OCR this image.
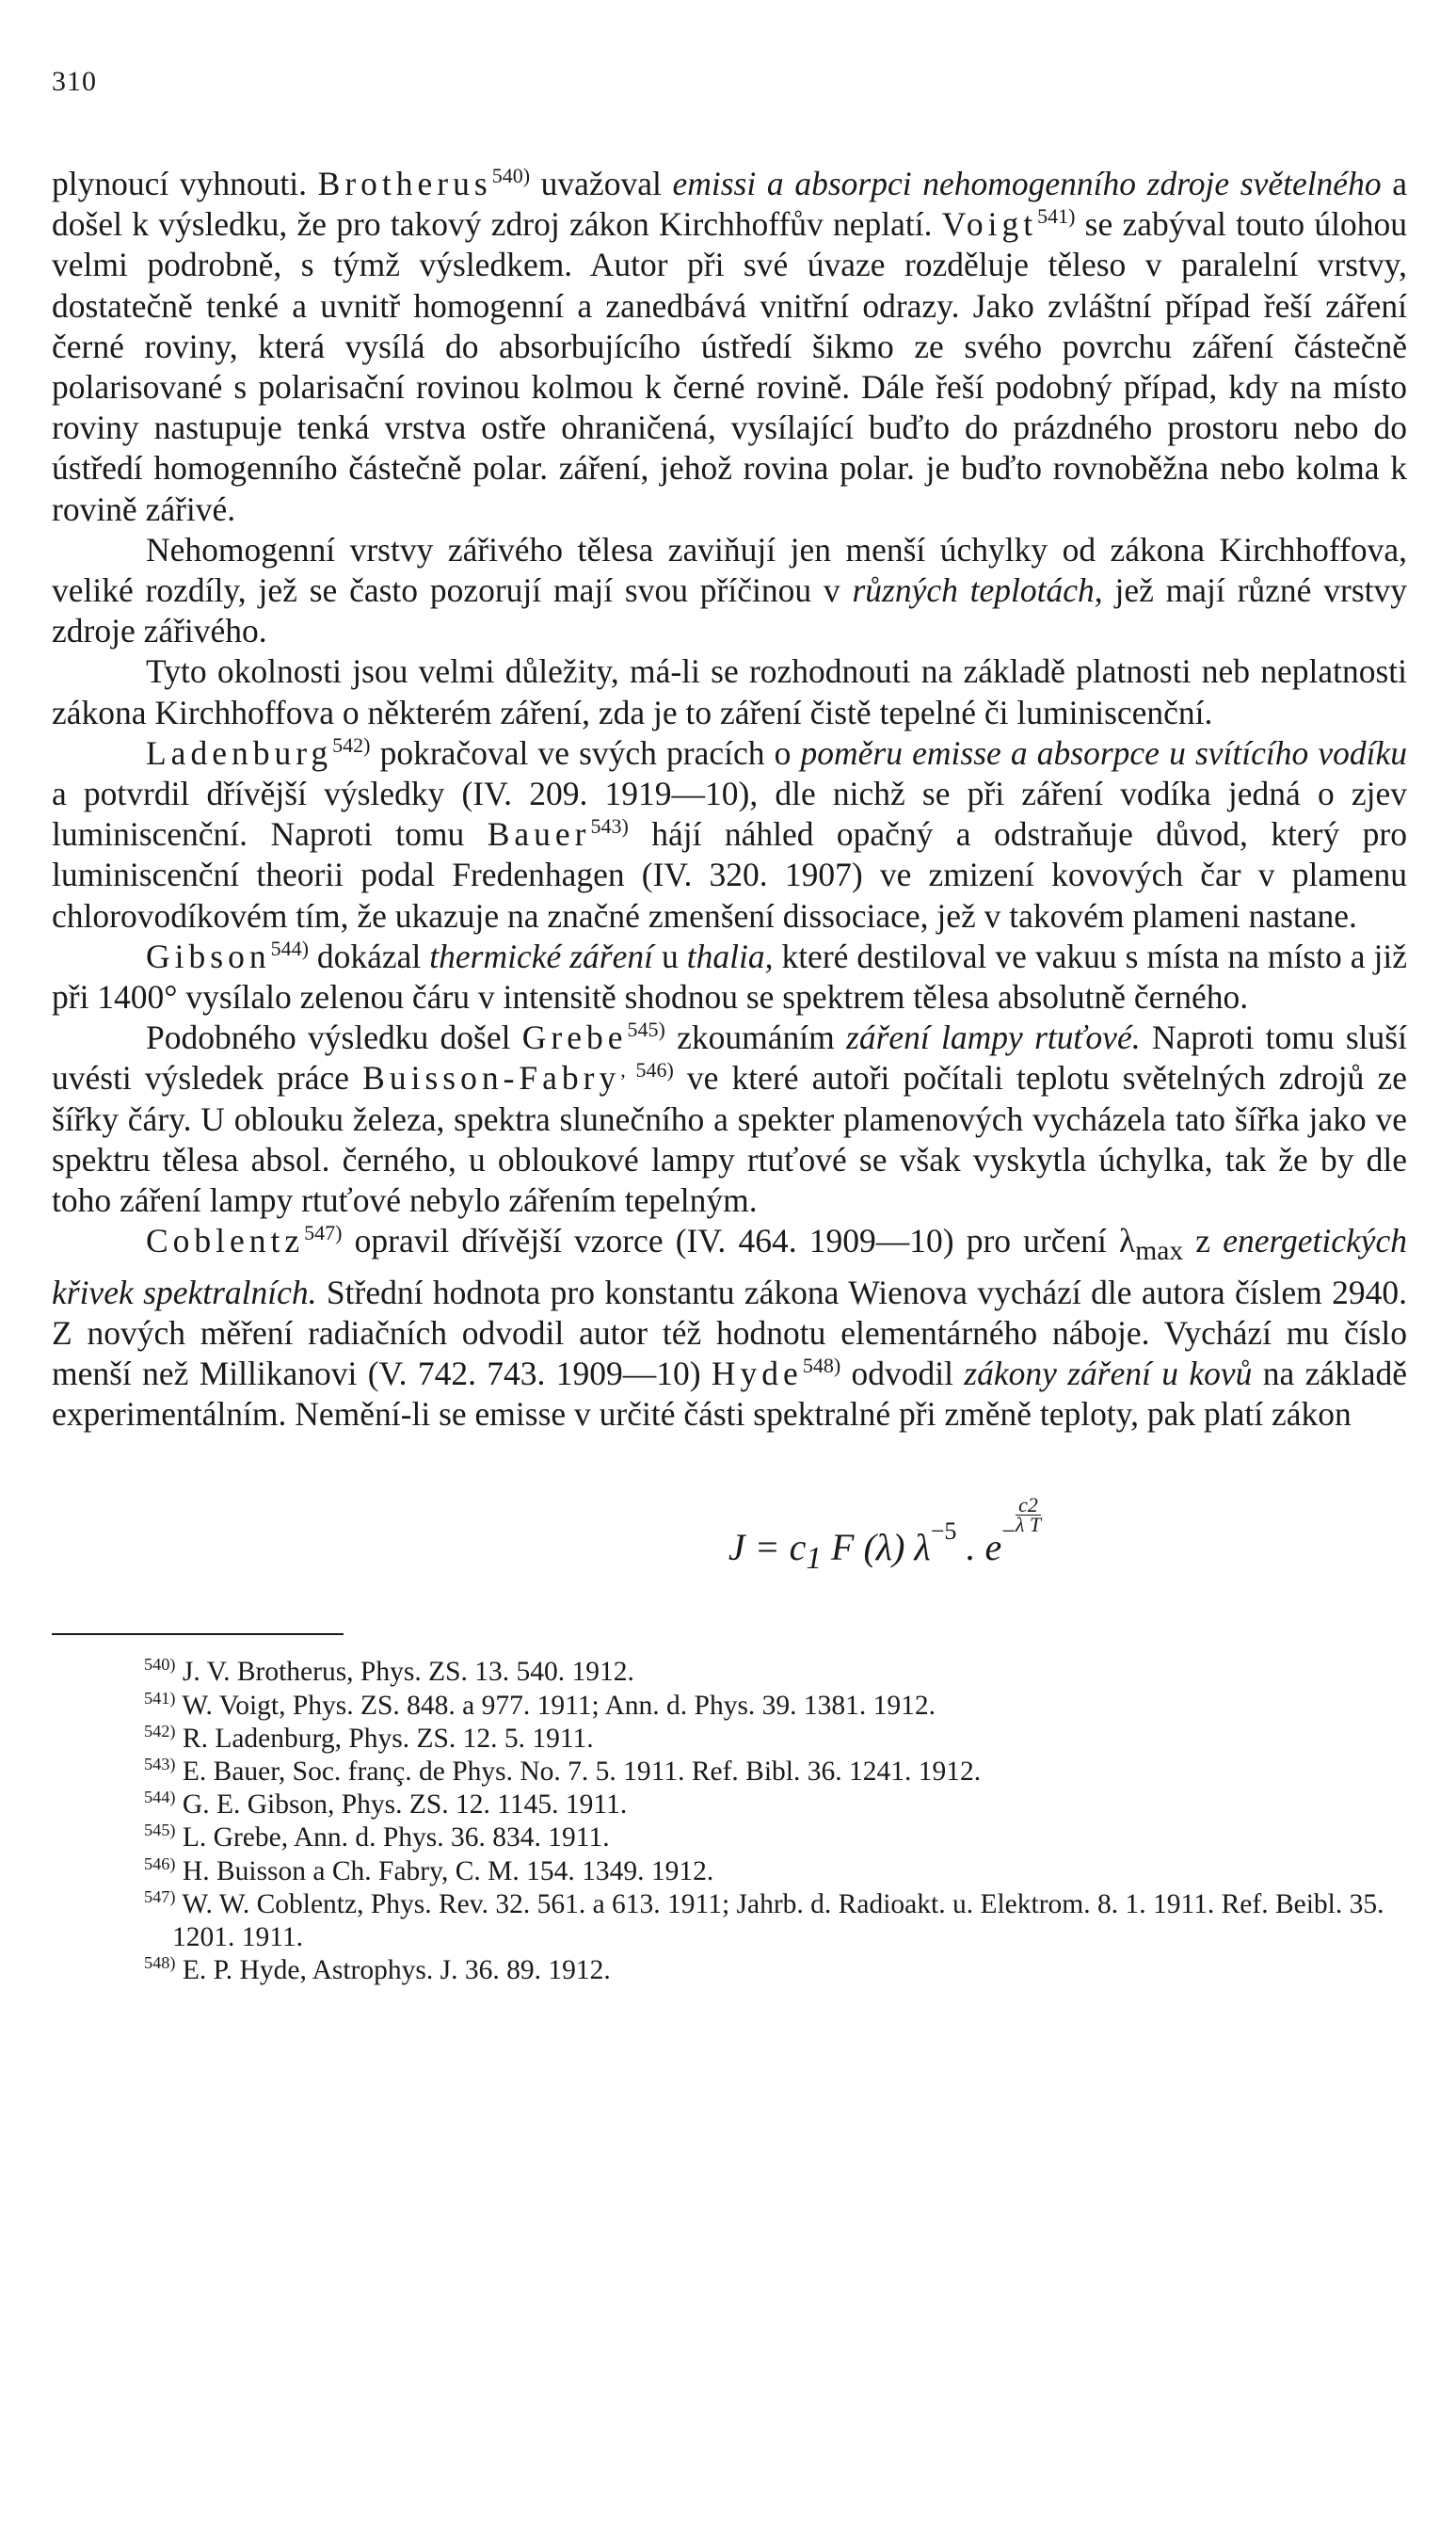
310

plynoucí vyhnouti. Brotherus$^{540)}$ uvažoval emissi a absorpci nehomogenního zdroje světelného a došel k výsledku, že pro takový zdroj zákon Kirchhoffův neplatí. Voigt$^{541)}$ se zabýval touto úlohou velmi podrobně, s týmž výsledkem. Autor při své úvaze rozděluje těleso v paralelní vrstvy, dostatečně tenké a uvnitř homogenní a zanedbává vnitřní odrazy. Jako zvláštní případ řeší záření černé roviny, která vysílá do absorbujícího ústředí šikmo ze svého povrchu záření částečně polarisované s polarisační rovinou kolmou k černé rovině. Dále řeší podobný případ, kdy na místo roviny nastupuje tenká vrstva ostře ohraničená, vysílající buďto do prázdného prostoru nebo do ústředí homogenního částečně polar. záření, jehož rovina polar. je buďto rovnoběžna nebo kolma k rovině zářivé.

Nehomogenní vrstvy zářivého tělesa zaviňují jen menší úchylky od zákona Kirchhoffova, veliké rozdíly, jež se často pozorují mají svou příčinou v různých teplotách, jež mají různé vrstvy zdroje zářivého.

Tyto okolnosti jsou velmi důležity, má-li se rozhodnouti na základě platnosti neb neplatnosti zákona Kirchhoffova o některém záření, zda je to záření čistě tepelné či luminiscenční.

Ladenburg$^{542)}$ pokračoval ve svých pracích o poměru emisse a absorpce u svítícího vodíku a potvrdil dřívější výsledky (IV. 209. 1919—10), dle nichž se při záření vodíka jedná o zjev luminiscenční. Naproti tomu Bauer$^{543)}$ hájí náhled opačný a odstraňuje důvod, který pro luminiscenční theorii podal Fredenhagen (IV. 320. 1907) ve zmizení kovových čar v plamenu chlorovodíkovém tím, že ukazuje na značné zmenšení dissociace, jež v takovém plameni nastane.

Gibson$^{544)}$ dokázal thermické záření u thalia, které destiloval ve vakuu s místa na místo a již při 1400° vysílalo zelenou čáru v intensitě shodnou se spektrem tělesa absolutně černého.

Podobného výsledku došel Grebe$^{545)}$ zkoumáním záření lampy rtuťové. Naproti tomu sluší uvésti výsledek práce Buisson-Fabry$^{, 546)}$ ve které autoři počítali teplotu světelných zdrojů ze šířky čáry. U oblouku železa, spektra slunečního a spekter plamenových vycházela tato šířka jako ve spektru tělesa absol. černého, u obloukové lampy rtuťové se však vyskytla úchylka, tak že by dle toho záření lampy rtuťové nebylo zářením tepelným.

Coblentz$^{547)}$ opravil dřívější vzorce (IV. 464. 1909—10) pro určení $\lambda_{max}$ z energetických křivek spektralních. Střední hodnota pro konstantu zákona Wienova vychází dle autora číslem 2940. Z nových měření radiačních odvodil autor též hodnotu elementárného náboje. Vychází mu číslo menší než Millikanovi (V. 742. 743. 1909—10) Hyde$^{548)}$ odvodil zákony záření u kovů na základě experimentálním. Nemění-li se emisse v určité části spektralné při změně teploty, pak platí zákon

$J = c_1$ F (λ) $\lambda^{-5}$ . $e^- \frac{c2}{\text{λ T}}$
$^{540)}$ J. V. Brotherus, Phys. ZS. 13. 540. 1912.
$^{541)}$ W. Voigt, Phys. ZS. 848. a 977. 1911; Ann. d. Phys. 39. 1381. 1912.
$^{542)}$ R. Ladenburg, Phys. ZS. 12. 5. 1911.
$^{543)}$ E. Bauer, Soc. franç. de Phys. No. 7. 5. 1911. Ref. Bibl. 36. 1241. 1912.
$^{544)}$ G. E. Gibson, Phys. ZS. 12. 1145. 1911.
$^{545)}$ L. Grebe, Ann. d. Phys. 36. 834. 1911.
$^{546)}$ H. Buisson a Ch. Fabry, C. M. 154. 1349. 1912.
$^{547)}$ W. W. Coblentz, Phys. Rev. 32. 561. a 613. 1911; Jahrb. d. Radioakt. u. Elektrom. 8. 1. 1911. Ref. Beibl. 35. 1201. 1911.
$^{548)}$ E. P. Hyde, Astrophys. J. 36. 89. 1912.
